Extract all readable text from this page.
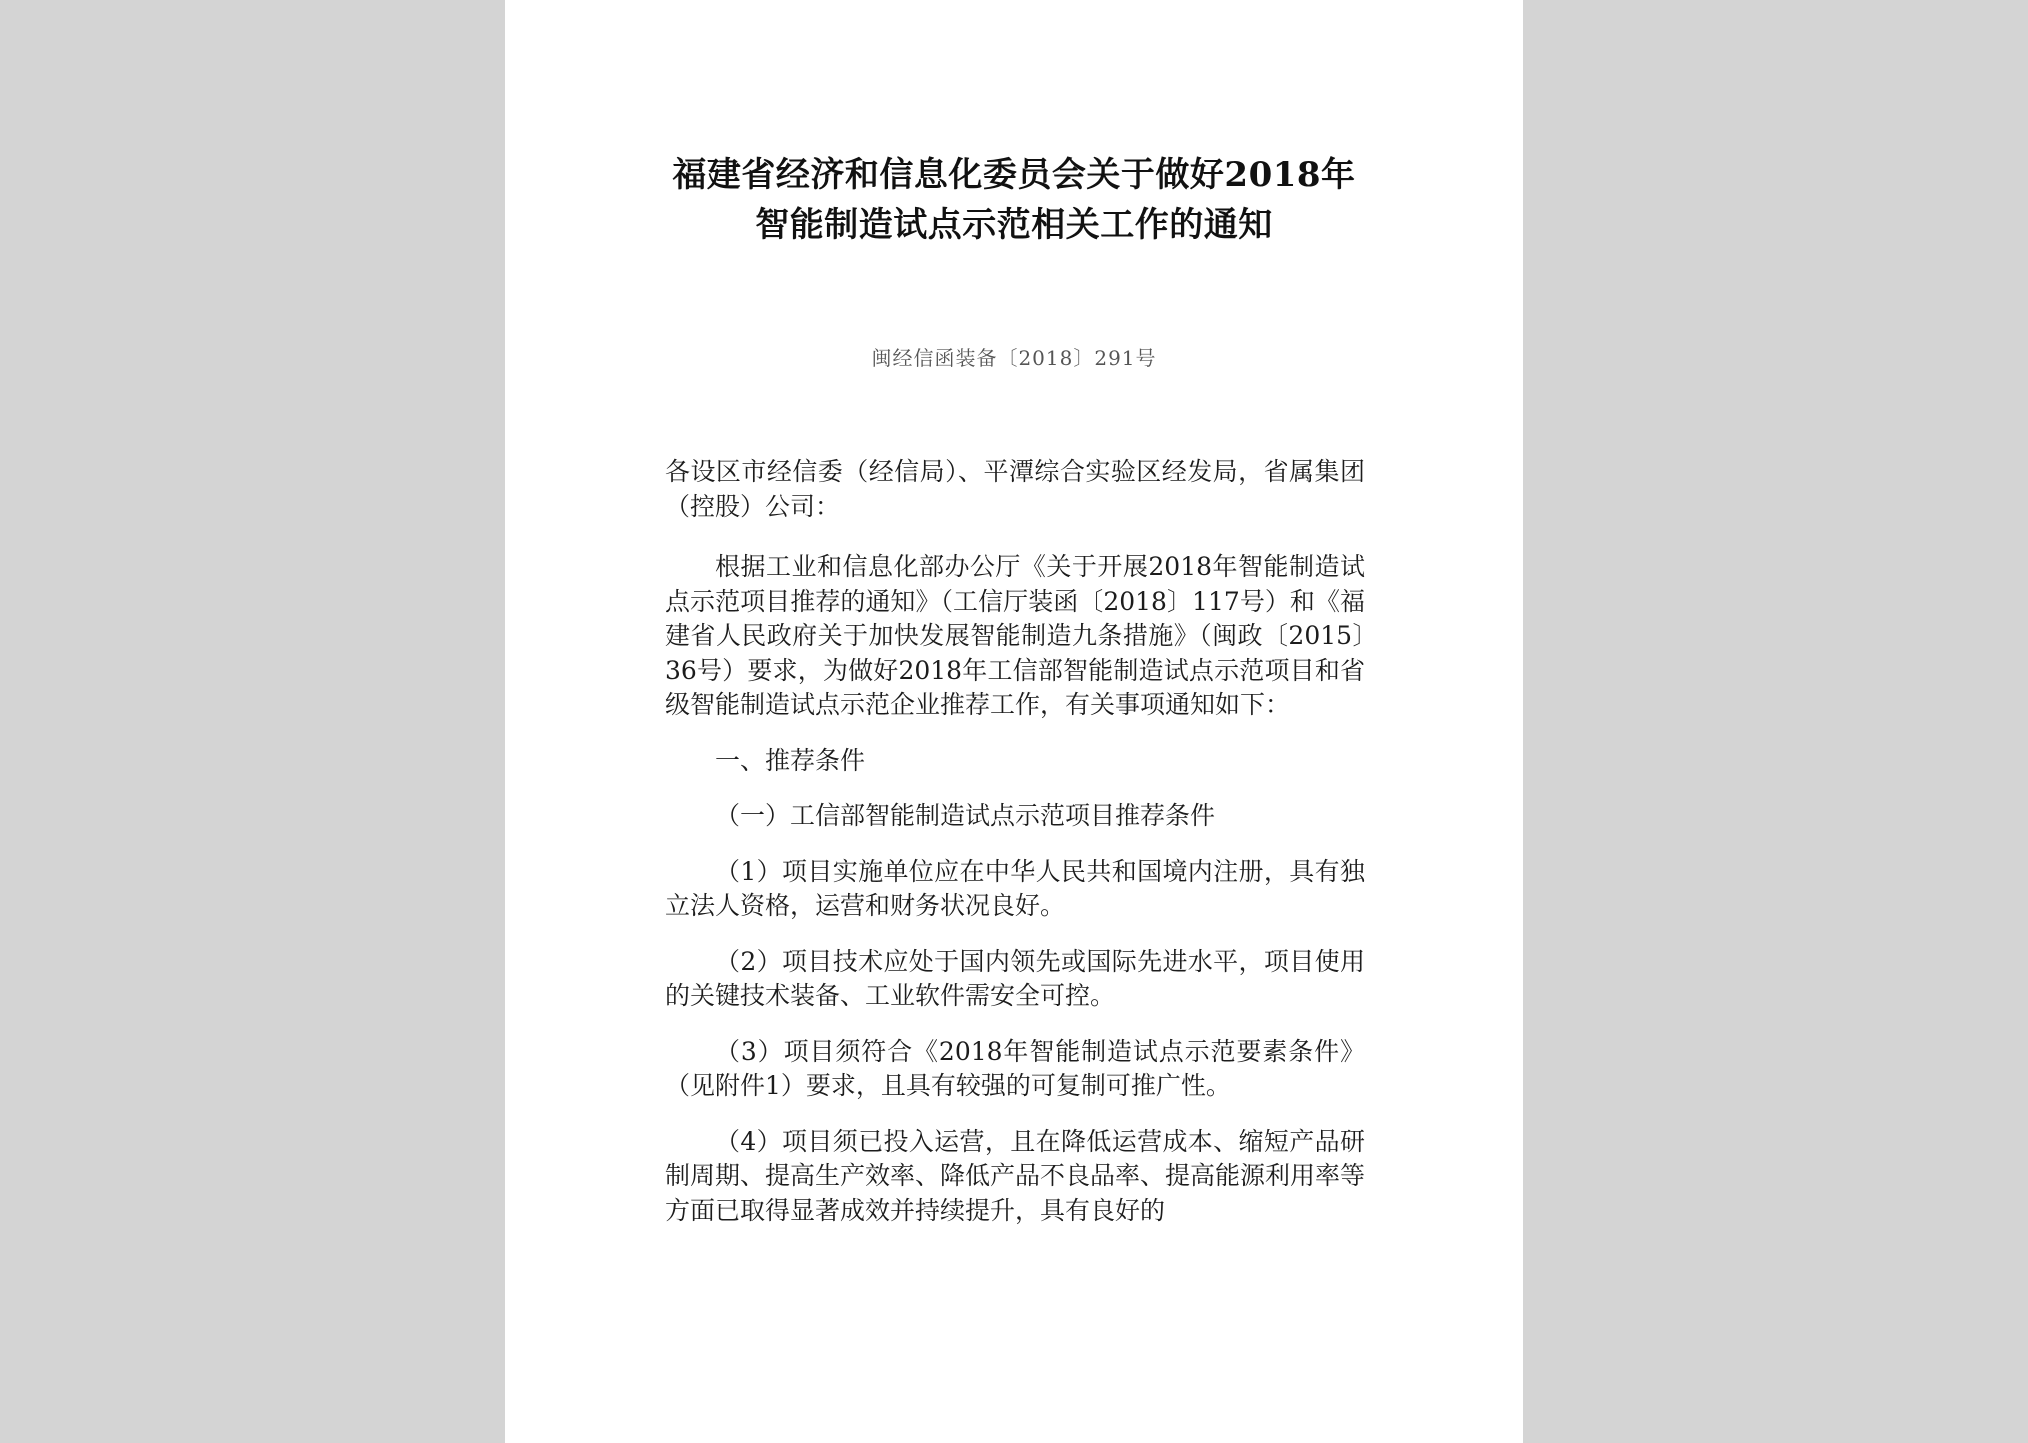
福建省经济和信息化委员会关于做好2018年智能制造试点示范相关工作的通知
闽经信函装备〔2018〕291号

各设区市经信委（经信局）、平潭综合实验区经发局，省属集团（控股）公司：

根据工业和信息化部办公厅《关于开展2018年智能制造试点示范项目推荐的通知》（工信厅装函〔2018〕117号）和《福建省人民政府关于加快发展智能制造九条措施》（闽政〔2015〕36号）要求，为做好2018年工信部智能制造试点示范项目和省级智能制造试点示范企业推荐工作，有关事项通知如下：

一、推荐条件

（一）工信部智能制造试点示范项目推荐条件

（1）项目实施单位应在中华人民共和国境内注册，具有独立法人资格，运营和财务状况良好。

（2）项目技术应处于国内领先或国际先进水平，项目使用的关键技术装备、工业软件需安全可控。

（3）项目须符合《2018年智能制造试点示范要素条件》（见附件1）要求，且具有较强的可复制可推广性。

（4）项目须已投入运营，且在降低运营成本、缩短产品研制周期、提高生产效率、降低产品不良品率、提高能源利用率等方面已取得显著成效并持续提升，具有良好的
